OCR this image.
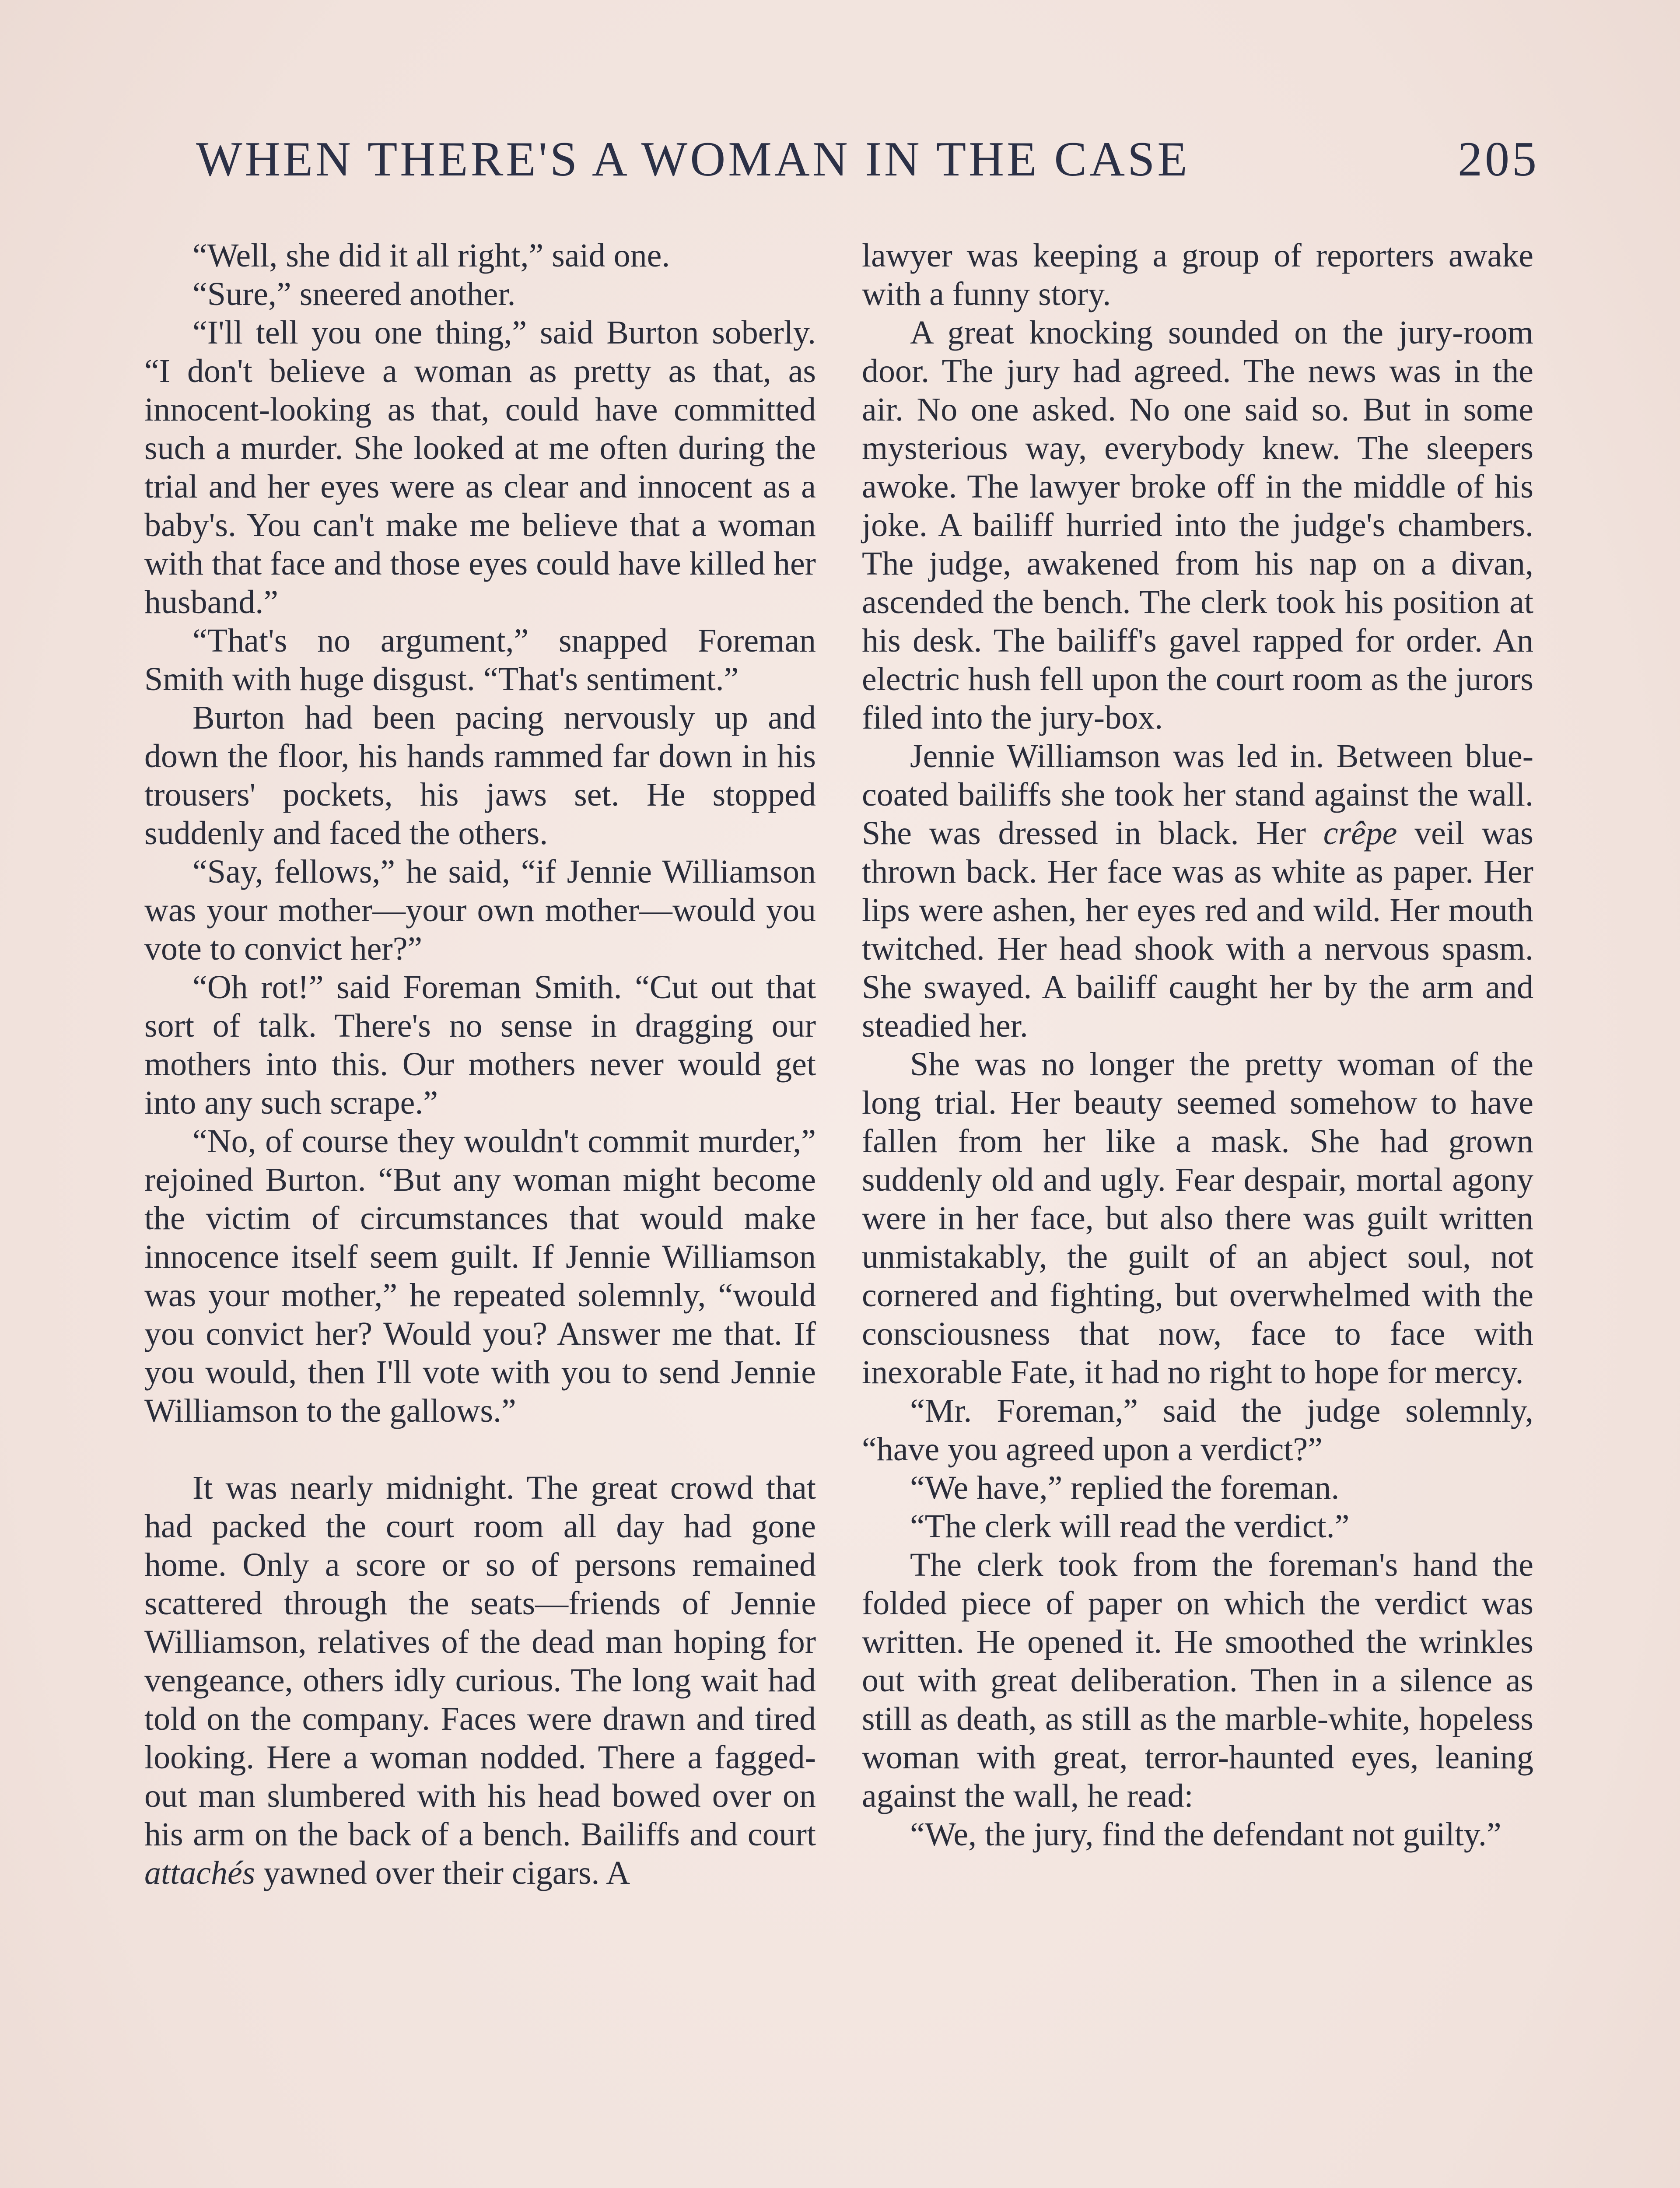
WHEN THERE'S A WOMAN IN THE CASE	205

“Well, she did it all right,” said one.

“Sure,” sneered another.

“I'll tell you one thing,” said Burton soberly. “I don't believe a woman as pretty as that, as innocent-looking as that, could have committed such a murder. She looked at me often during the trial and her eyes were as clear and innocent as a baby's. You can't make me believe that a woman with that face and those eyes could have killed her husband.”

“That's no argument,” snapped Foreman Smith with huge disgust. “That's sentiment.”

Burton had been pacing nervously up and down the floor, his hands rammed far down in his trousers' pockets, his jaws set. He stopped suddenly and faced the others.

“Say, fellows,” he said, “if Jennie Williamson was your mother—your own mother—would you vote to convict her?”

“Oh rot!” said Foreman Smith. “Cut out that sort of talk. There's no sense in dragging our mothers into this. Our mothers never would get into any such scrape.”

“No, of course they wouldn't commit murder,” rejoined Burton. “But any woman might become the victim of circumstances that would make innocence itself seem guilt. If Jennie Williamson was your mother,” he repeated solemnly, “would you convict her? Would you? Answer me that. If you would, then I'll vote with you to send Jennie Williamson to the gallows.”

It was nearly midnight. The great crowd that had packed the court room all day had gone home. Only a score or so of persons remained scattered through the seats—friends of Jennie Williamson, relatives of the dead man hoping for vengeance, others idly curious. The long wait had told on the company. Faces were drawn and tired looking. Here a woman nodded. There a fagged-out man slumbered with his head bowed over on his arm on the back of a bench. Bailiffs and court attachés yawned over their cigars. A

lawyer was keeping a group of reporters awake with a funny story.

A great knocking sounded on the jury-room door. The jury had agreed. The news was in the air. No one asked. No one said so. But in some mysterious way, everybody knew. The sleepers awoke. The lawyer broke off in the middle of his joke. A bailiff hurried into the judge's chambers. The judge, awakened from his nap on a divan, ascended the bench. The clerk took his position at his desk. The bailiff's gavel rapped for order. An electric hush fell upon the court room as the jurors filed into the jury-box.

Jennie Williamson was led in. Between blue-coated bailiffs she took her stand against the wall. She was dressed in black. Her crêpe veil was thrown back. Her face was as white as paper. Her lips were ashen, her eyes red and wild. Her mouth twitched. Her head shook with a nervous spasm. She swayed. A bailiff caught her by the arm and steadied her.

She was no longer the pretty woman of the long trial. Her beauty seemed somehow to have fallen from her like a mask. She had grown suddenly old and ugly. Fear despair, mortal agony were in her face, but also there was guilt written unmistakably, the guilt of an abject soul, not cornered and fighting, but overwhelmed with the consciousness that now, face to face with inexorable Fate, it had no right to hope for mercy.

“Mr. Foreman,” said the judge solemnly, “have you agreed upon a verdict?”

“We have,” replied the foreman.

“The clerk will read the verdict.”

The clerk took from the foreman's hand the folded piece of paper on which the verdict was written. He opened it. He smoothed the wrinkles out with great deliberation. Then in a silence as still as death, as still as the marble-white, hopeless woman with great, terror-haunted eyes, leaning against the wall, he read:

“We, the jury, find the defendant not guilty.”
